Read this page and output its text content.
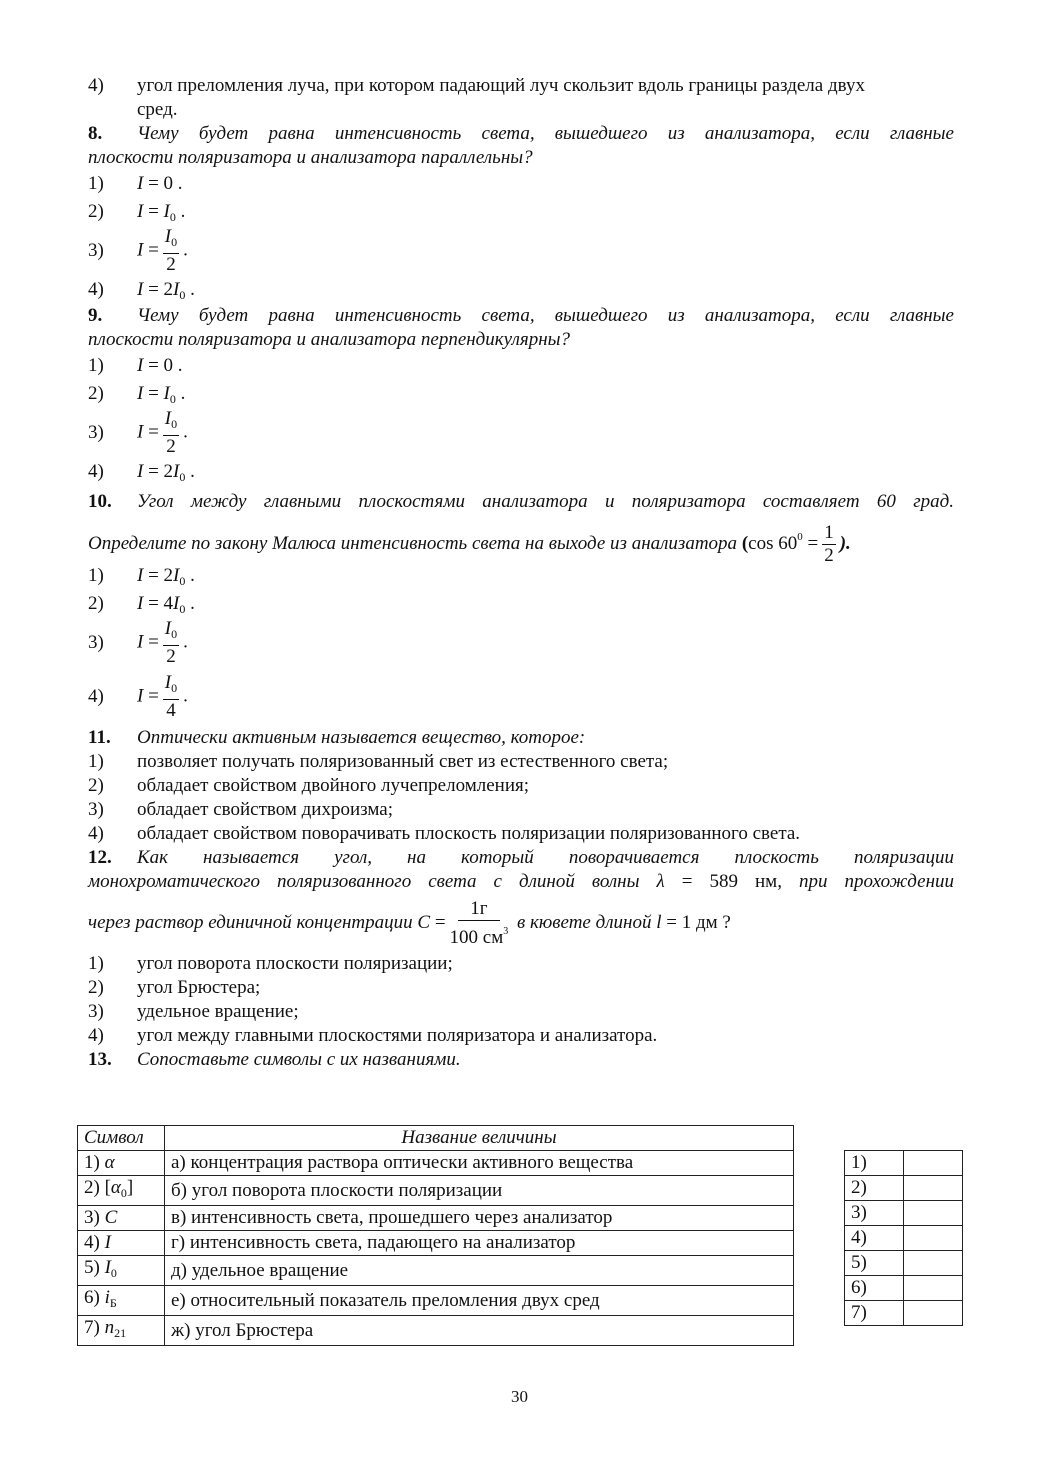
4)	угол преломления луча, при котором падающий луч скользит вдоль границы раздела двух
сред.
8. Чему будет равна интенсивность света, вышедшего из анализатора, если главные
плоскости поляризатора и анализатора параллельны?
1)	I = 0 .
2)	$I = I_0$ .
3)	$I = \frac{I_0}{2}$ .
4)	$I = 2I_0$ .
9. Чему будет равна интенсивность света, вышедшего из анализатора, если главные
плоскости поляризатора и анализатора перпендикулярны?
1)	I = 0 .
2)	$I = I_0$ .
3)	$I = \frac{I_0}{2}$ .
4)	$I = 2I_0$ .
10. Угол между главными плоскостями анализатора и поляризатора составляет 60 град.
Определите по закону Малюса интенсивность света на выходе из анализатора (cos $60^0 = \frac{1}{2}$ ).
1)	$I = 2I_0$ .
2)	$I = 4I_0$ .
3)	$I = \frac{I_0}{2}$ .
4)	$I = \frac{I_0}{4}$ .
11. Оптически активным называется вещество, которое:
1)	позволяет получать поляризованный свет из естественного света;
2)	обладает свойством двойного лучепреломления;
3)	обладает свойством дихроизма;
4)	обладает свойством поворачивать плоскость поляризации поляризованного света.
12. Как называется угол, на который поворачивается плоскость поляризации
монохроматического поляризованного света с длиной волны λ = 589 нм, при прохождении
через раствор единичной концентрации $C = \frac{1г}{100 см^3}$ в кювете длиной l = 1 дм ?
1)	угол поворота плоскости поляризации;
2)	угол Брюстера;
3)	удельное вращение;
4)	угол между главными плоскостями поляризатора и анализатора.
13. Сопоставьте символы с их названиями.
Символ	Название величины
1) α	а) концентрация раствора оптически активного вещества
2) $[\alpha_0]$	б) угол поворота плоскости поляризации
3) C	в) интенсивность света, прошедшего через анализатор
4) I	г) интенсивность света, падающего на анализатор
5) $I_0$	д) удельное вращение
6) $i_Б$	е) относительный показатель преломления двух сред
7) $n_{21}$	ж) угол Брюстера
1)	
2)	
3)	
4)	
5)	
6)	
7)	
30
